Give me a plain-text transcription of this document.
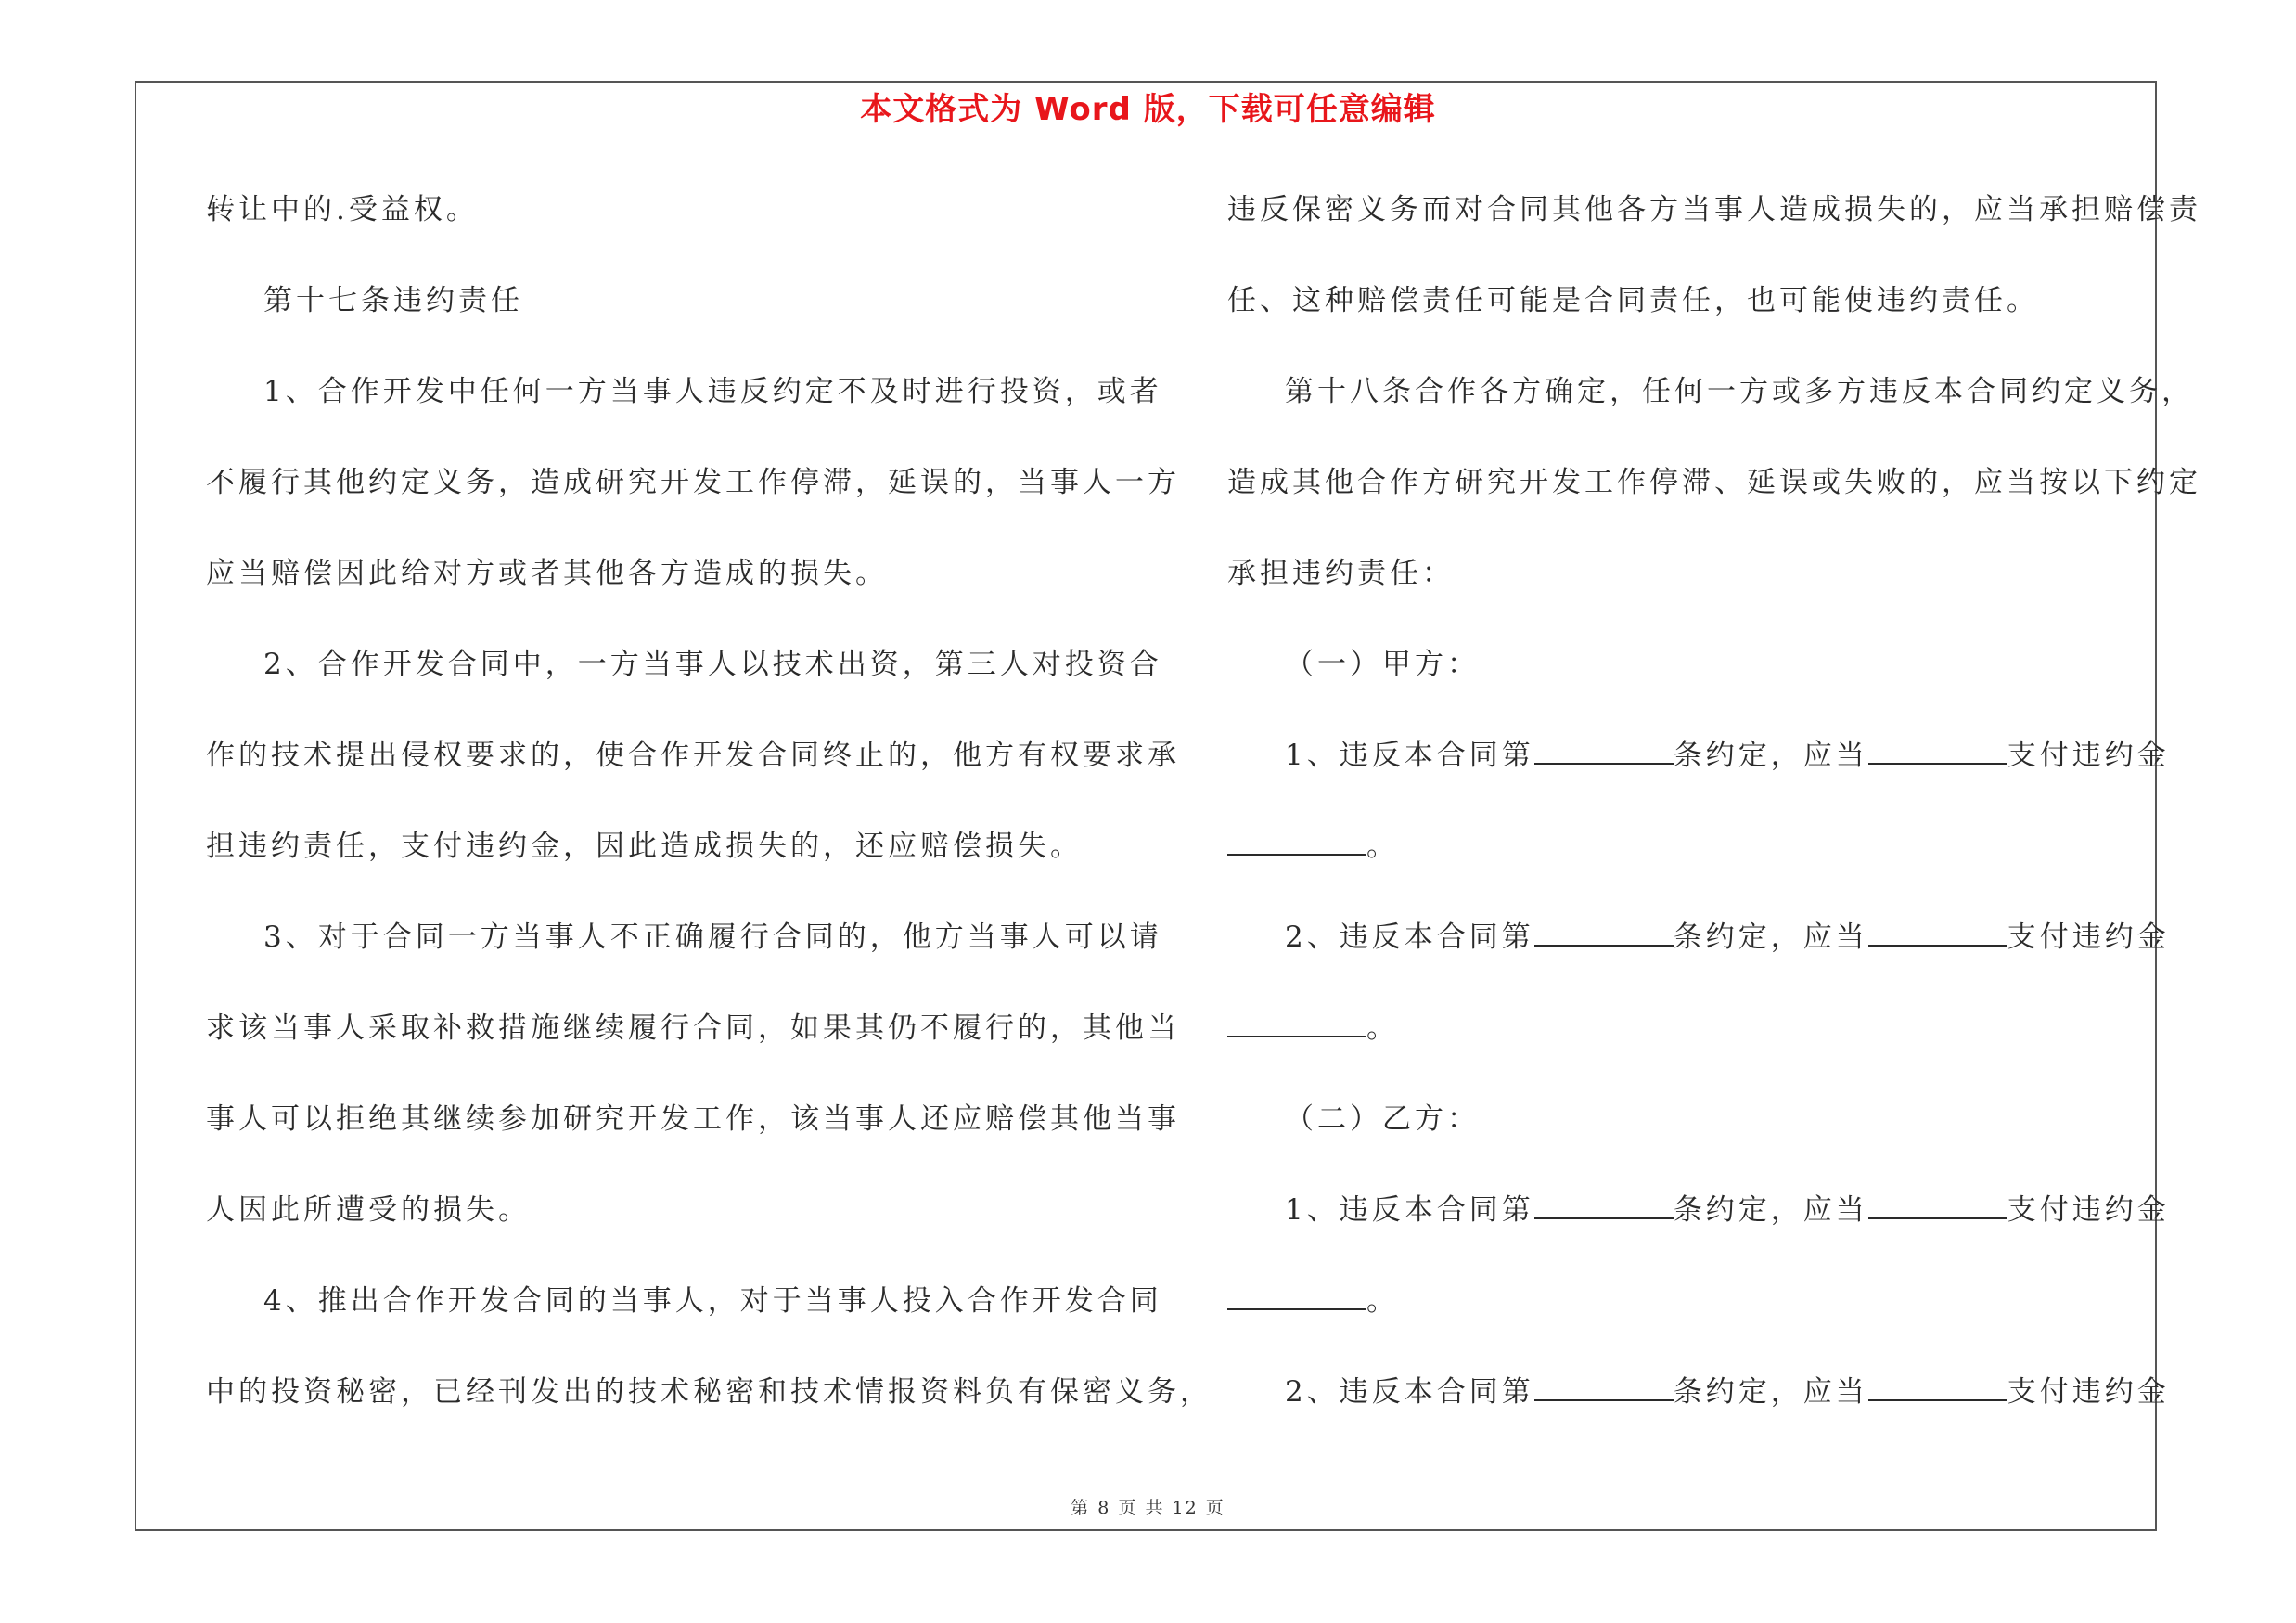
本文格式为 Word 版，下载可任意编辑
转让中的.受益权。
第十七条违约责任
1、合作开发中任何一方当事人违反约定不及时进行投资，或者
不履行其他约定义务，造成研究开发工作停滞，延误的，当事人一方
应当赔偿因此给对方或者其他各方造成的损失。
2、合作开发合同中，一方当事人以技术出资，第三人对投资合
作的技术提出侵权要求的，使合作开发合同终止的，他方有权要求承
担违约责任，支付违约金，因此造成损失的，还应赔偿损失。
3、对于合同一方当事人不正确履行合同的，他方当事人可以请
求该当事人采取补救措施继续履行合同，如果其仍不履行的，其他当
事人可以拒绝其继续参加研究开发工作，该当事人还应赔偿其他当事
人因此所遭受的损失。
4、推出合作开发合同的当事人，对于当事人投入合作开发合同
中的投资秘密，已经刊发出的技术秘密和技术情报资料负有保密义务，
违反保密义务而对合同其他各方当事人造成损失的，应当承担赔偿责
任、这种赔偿责任可能是合同责任，也可能使违约责任。
第十八条合作各方确定，任何一方或多方违反本合同约定义务，
造成其他合作方研究开发工作停滞、延误或失败的，应当按以下约定
承担违约责任：
（一）甲方：
1、违反本合同第	条约定，应当	支付违约金
。
2、违反本合同第	条约定，应当	支付违约金
。
（二）乙方：
1、违反本合同第	条约定，应当	支付违约金
。
2、违反本合同第	条约定，应当	支付违约金
第 8 页 共 12 页
